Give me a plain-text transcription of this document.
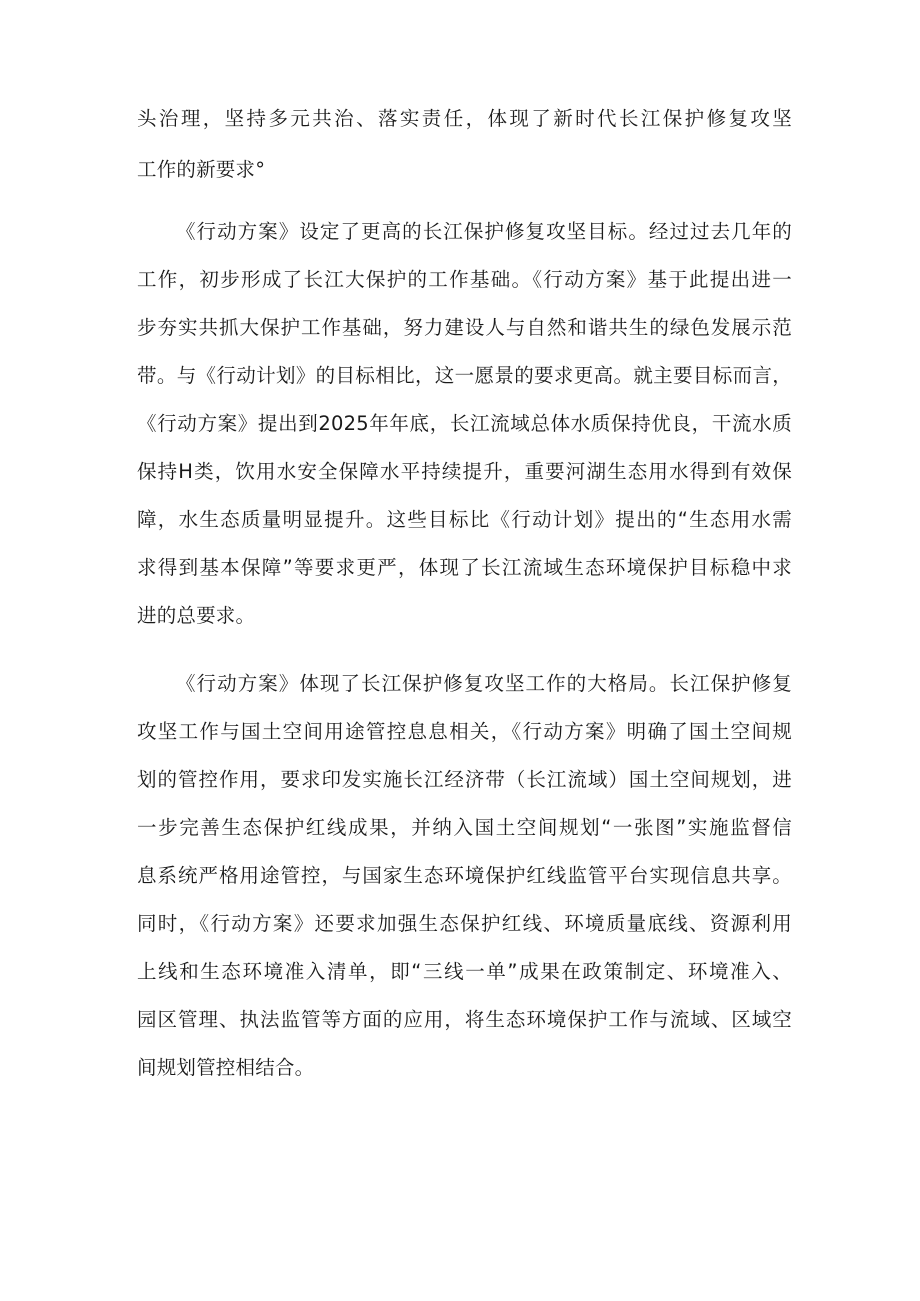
头治理，坚持多元共治、落实责任，体现了新时代长江保护修复攻坚
工作的新要求°
《行动方案》设定了更高的长江保护修复攻坚目标。经过过去几年的
工作，初步形成了长江大保护的工作基础。《行动方案》基于此提出进一
步夯实共抓大保护工作基础，努力建设人与自然和谐共生的绿色发展示范
带。与《行动计划》的目标相比，这一愿景的要求更高。就主要目标而言，
《行动方案》提出到2025年年底，长江流域总体水质保持优良，干流水质
保持H类，饮用水安全保障水平持续提升，重要河湖生态用水得到有效保
障，水生态质量明显提升。这些目标比《行动计划》提出的“生态用水需
求得到基本保障”等要求更严，体现了长江流域生态环境保护目标稳中求
进的总要求。
《行动方案》体现了长江保护修复攻坚工作的大格局。长江保护修复
攻坚工作与国土空间用途管控息息相关，《行动方案》明确了国土空间规
划的管控作用，要求印发实施长江经济带（长江流域）国土空间规划，进
一步完善生态保护红线成果，并纳入国土空间规划“一张图”实施监督信
息系统严格用途管控，与国家生态环境保护红线监管平台实现信息共享。
同时，《行动方案》还要求加强生态保护红线、环境质量底线、资源利用
上线和生态环境准入清单，即“三线一单”成果在政策制定、环境准入、
园区管理、执法监管等方面的应用，将生态环境保护工作与流域、区域空
间规划管控相结合。
